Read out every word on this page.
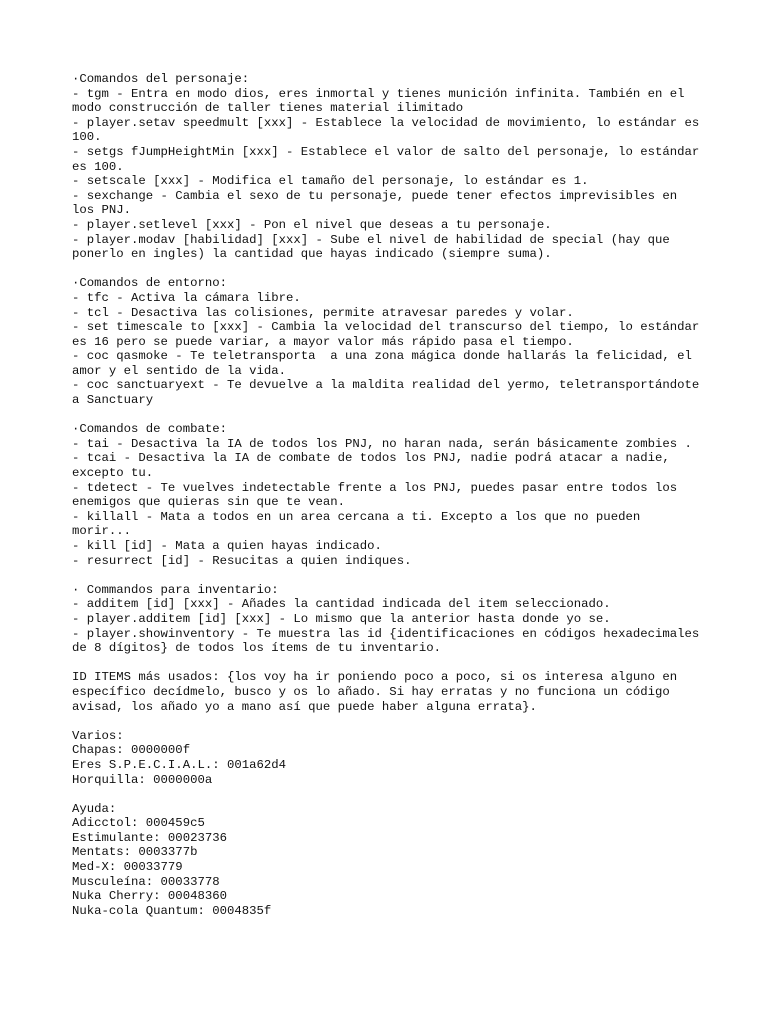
·Comandos del personaje:
- tgm - Entra en modo dios, eres inmortal y tienes munición infinita. También en el modo construcción de taller tienes material ilimitado
- player.setav speedmult [xxx] - Establece la velocidad de movimiento, lo estándar es 100.
- setgs fJumpHeightMin [xxx] - Establece el valor de salto del personaje, lo estándar es 100.
- setscale [xxx] - Modifica el tamaño del personaje, lo estándar es 1.
- sexchange - Cambia el sexo de tu personaje, puede tener efectos imprevisibles en los PNJ.
- player.setlevel [xxx] - Pon el nivel que deseas a tu personaje.
- player.modav [habilidad] [xxx] - Sube el nivel de habilidad de special (hay que ponerlo en ingles) la cantidad que hayas indicado (siempre suma).
·Comandos de entorno:
- tfc - Activa la cámara libre.
- tcl - Desactiva las colisiones, permite atravesar paredes y volar.
- set timescale to [xxx] - Cambia la velocidad del transcurso del tiempo, lo estándar es 16 pero se puede variar, a mayor valor más rápido pasa el tiempo.
- coc qasmoke - Te teletransporta  a una zona mágica donde hallarás la felicidad, el amor y el sentido de la vida.
- coc sanctuaryext - Te devuelve a la maldita realidad del yermo, teletransportándote a Sanctuary
·Comandos de combate:
- tai - Desactiva la IA de todos los PNJ, no haran nada, serán básicamente zombies .
- tcai - Desactiva la IA de combate de todos los PNJ, nadie podrá atacar a nadie, excepto tu.
- tdetect - Te vuelves indetectable frente a los PNJ, puedes pasar entre todos los enemigos que quieras sin que te vean.
- killall - Mata a todos en un area cercana a ti. Excepto a los que no pueden morir...
- kill [id] - Mata a quien hayas indicado.
- resurrect [id] - Resucitas a quien indiques.
· Commandos para inventario:
- additem [id] [xxx] - Añades la cantidad indicada del item seleccionado.
- player.additem [id] [xxx] - Lo mismo que la anterior hasta donde yo se.
- player.showinventory - Te muestra las id {identificaciones en códigos hexadecimales de 8 dígitos} de todos los ítems de tu inventario.
ID ITEMS más usados: {los voy ha ir poniendo poco a poco, si os interesa alguno en específico decídmelo, busco y os lo añado. Si hay erratas y no funciona un código avisad, los añado yo a mano así que puede haber alguna errata}.
Varios:
Chapas: 0000000f
Eres S.P.E.C.I.A.L.: 001a62d4
Horquilla: 0000000a
Ayuda:
Adicctol: 000459c5
Estimulante: 00023736
Mentats: 0003377b
Med-X: 00033779
Musculeína: 00033778
Nuka Cherry: 00048360
Nuka-cola Quantum: 0004835f
